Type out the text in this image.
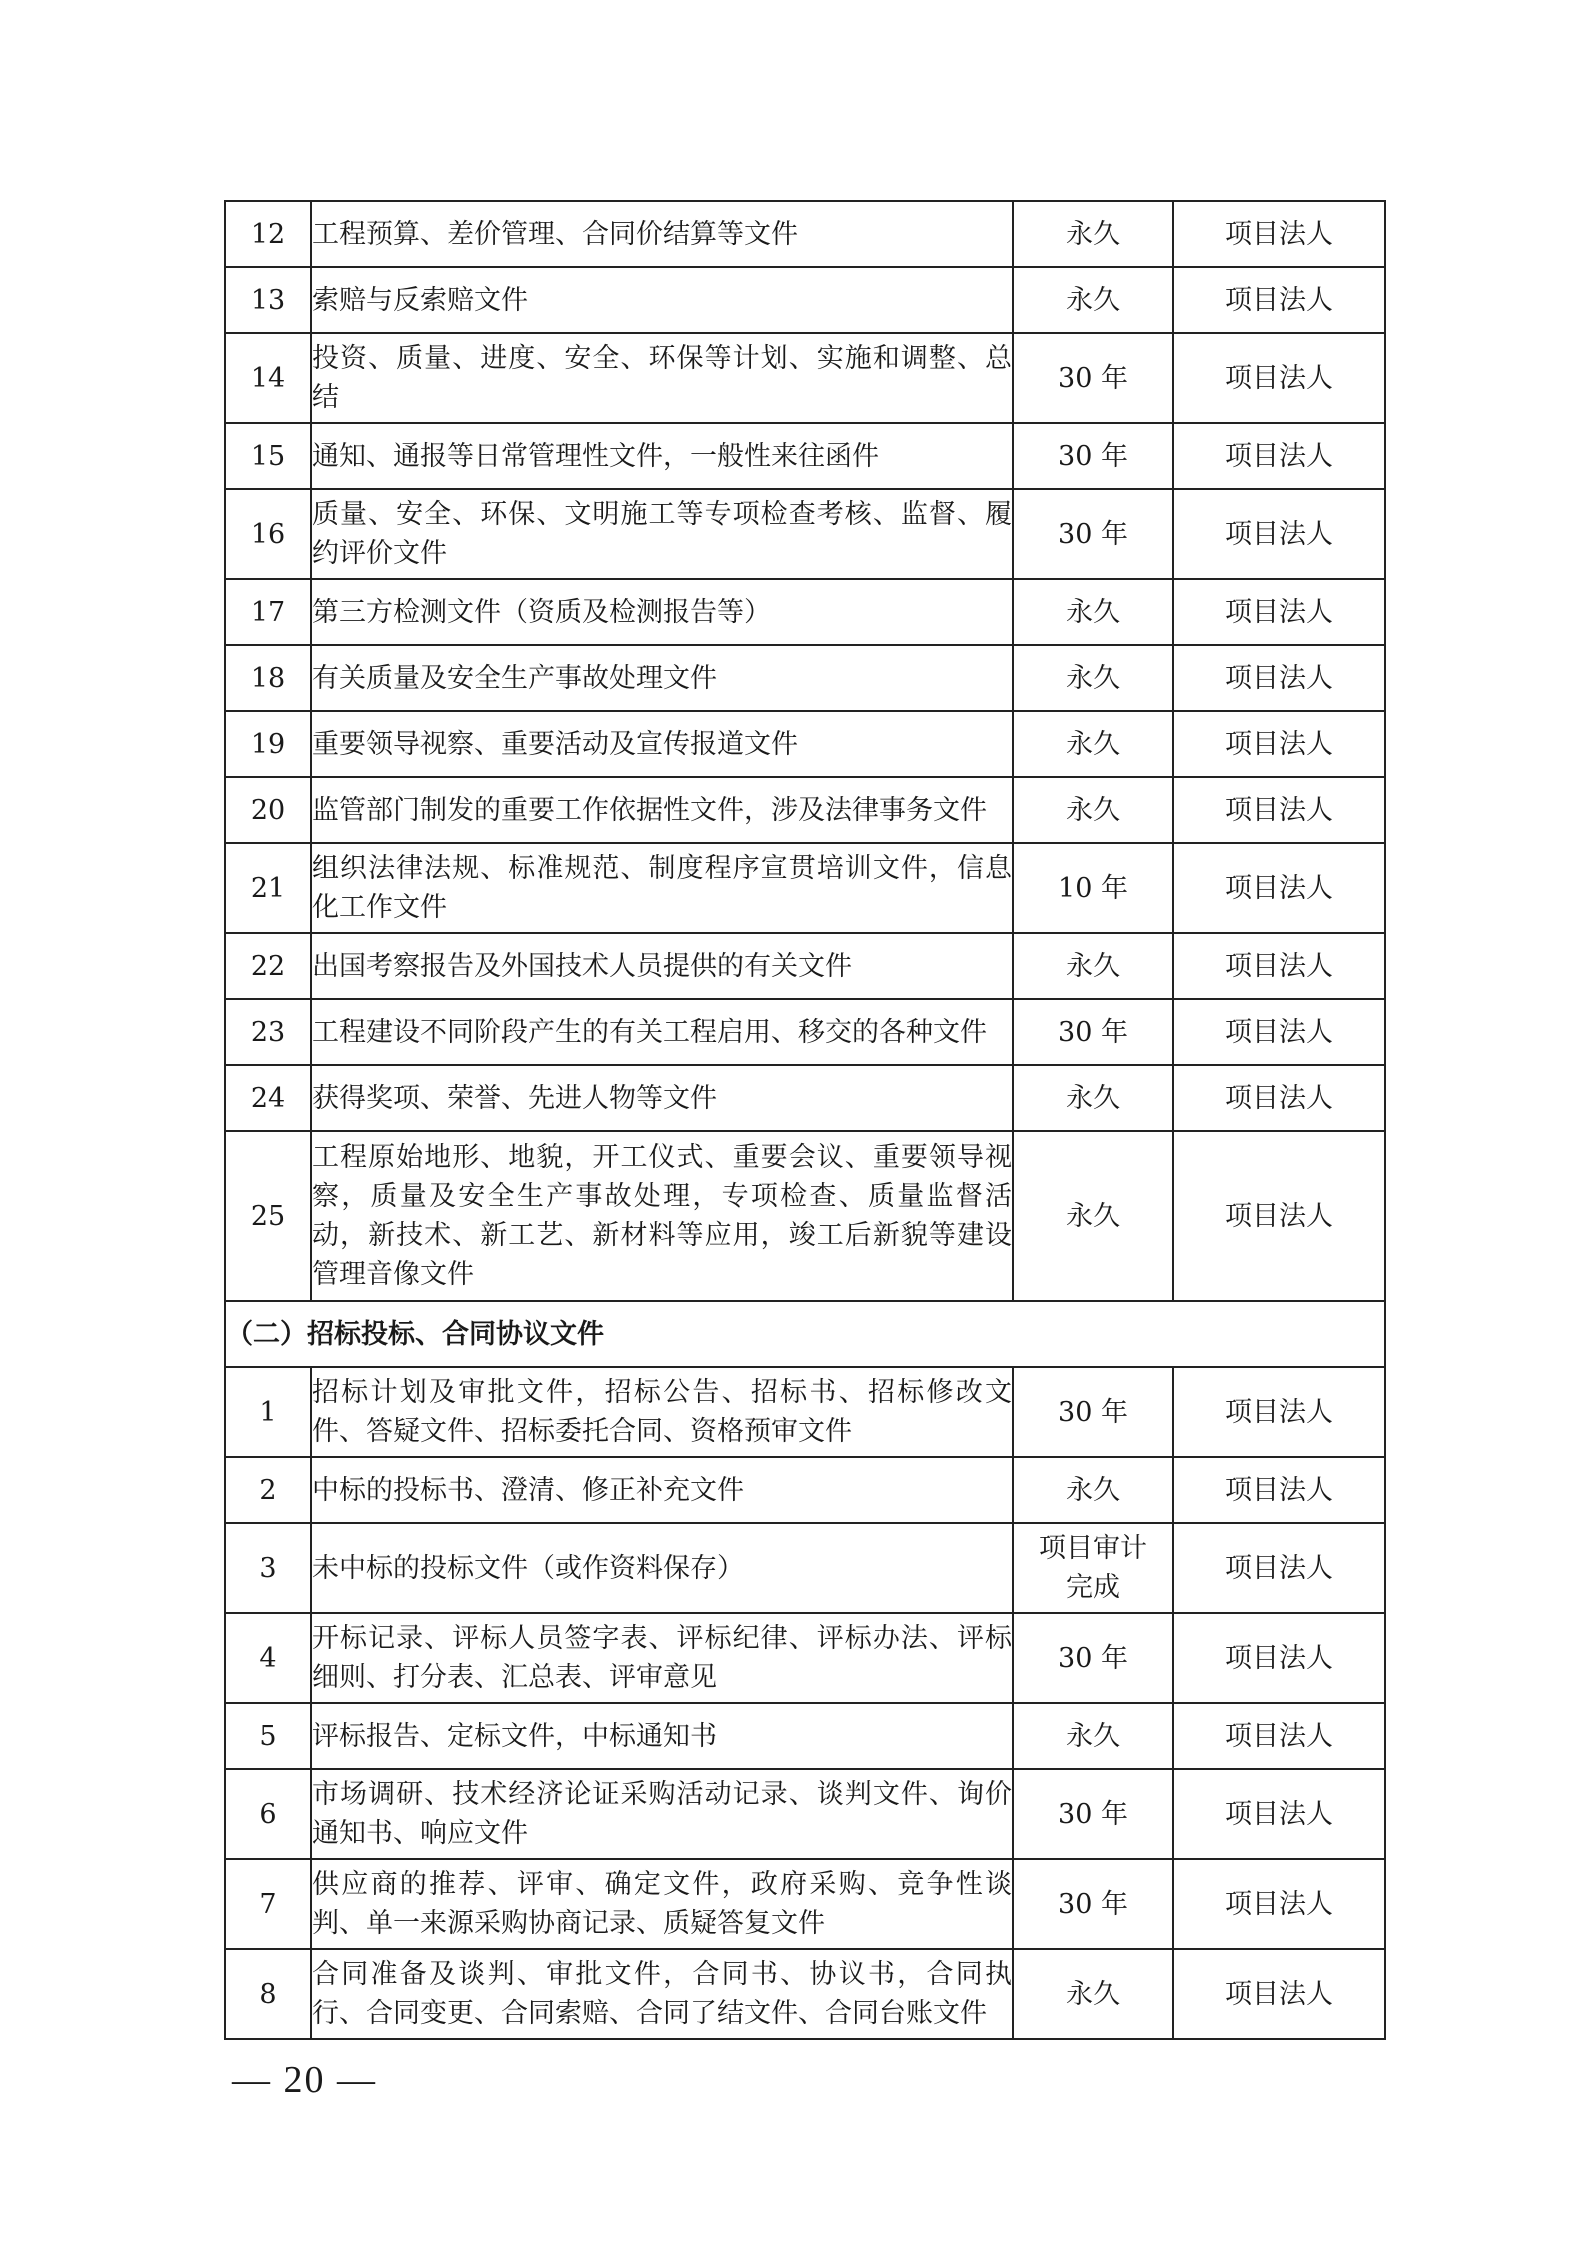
12	工程预算、差价管理、合同价结算等文件	永久	项目法人
13	索赔与反索赔文件	永久	项目法人
14	投资、质量、进度、安全、环保等计划、实施和调整、总结	30 年	项目法人
15	通知、通报等日常管理性文件，一般性来往函件	30 年	项目法人
16	质量、安全、环保、文明施工等专项检查考核、监督、履约评价文件	30 年	项目法人
17	第三方检测文件（资质及检测报告等）	永久	项目法人
18	有关质量及安全生产事故处理文件	永久	项目法人
19	重要领导视察、重要活动及宣传报道文件	永久	项目法人
20	监管部门制发的重要工作依据性文件，涉及法律事务文件	永久	项目法人
21	组织法律法规、标准规范、制度程序宣贯培训文件，信息化工作文件	10 年	项目法人
22	出国考察报告及外国技术人员提供的有关文件	永久	项目法人
23	工程建设不同阶段产生的有关工程启用、移交的各种文件	30 年	项目法人
24	获得奖项、荣誉、先进人物等文件	永久	项目法人
25	工程原始地形、地貌，开工仪式、重要会议、重要领导视察，质量及安全生产事故处理，专项检查、质量监督活动，新技术、新工艺、新材料等应用，竣工后新貌等建设管理音像文件	永久	项目法人
（二）招标投标、合同协议文件			
1	招标计划及审批文件，招标公告、招标书、招标修改文件、答疑文件、招标委托合同、资格预审文件	30 年	项目法人
2	中标的投标书、澄清、修正补充文件	永久	项目法人
3	未中标的投标文件（或作资料保存）	项目审计完成	项目法人
4	开标记录、评标人员签字表、评标纪律、评标办法、评标细则、打分表、汇总表、评审意见	30 年	项目法人
5	评标报告、定标文件，中标通知书	永久	项目法人
6	市场调研、技术经济论证采购活动记录、谈判文件、询价通知书、响应文件	30 年	项目法人
7	供应商的推荐、评审、确定文件，政府采购、竞争性谈判、单一来源采购协商记录、质疑答复文件	30 年	项目法人
8	合同准备及谈判、审批文件，合同书、协议书，合同执行、合同变更、合同索赔、合同了结文件、合同台账文件	永久	项目法人
— 20 —
